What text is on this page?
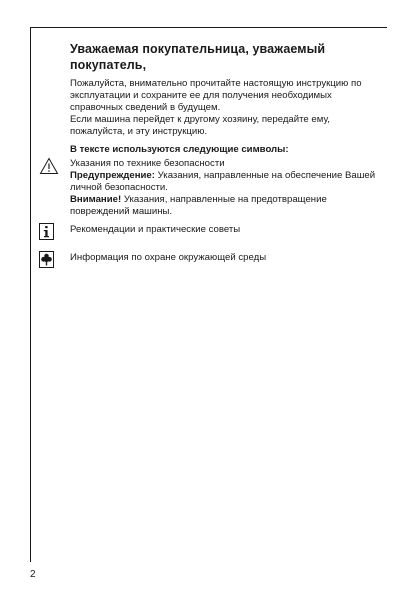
Уважаемая покупательница, уважаемый покупатель,

Пожалуйста, внимательно прочитайте настоящую инструкцию по эксплуатации и сохраните ее для получения необходимых справочных сведений в будущем.

Если машина перейдет к другому хозяину, передайте ему, пожалуйста, и эту инструкцию.

В тексте используются следующие символы:

Указания по технике безопасности

Предупреждение: Указания, направленные на обеспечение Вашей личной безопасности.

Внимание! Указания, направленные на предотвращение повреждений машины.

Рекомендации и практические советы
Информация по охране окружающей среды
2
